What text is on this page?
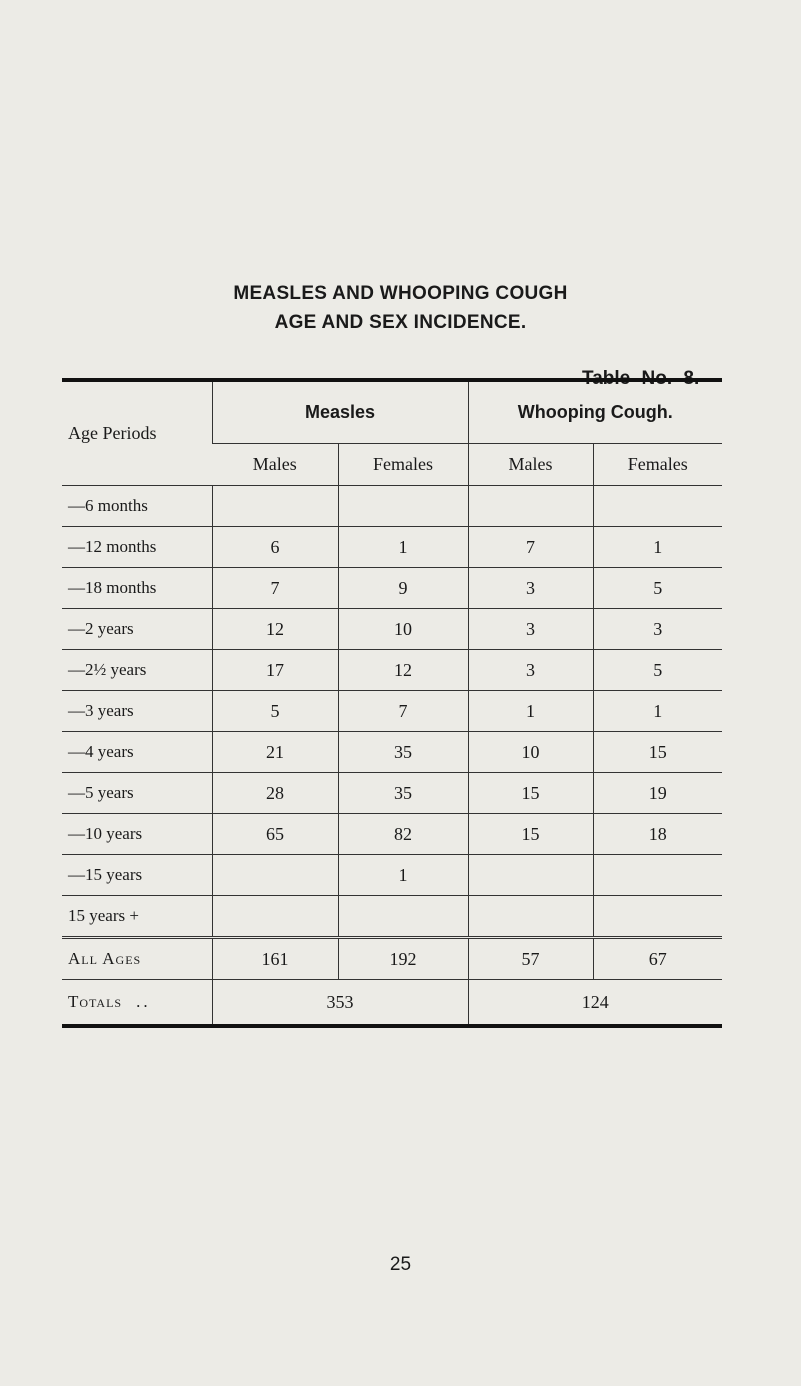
MEASLES AND WHOOPING COUGH
AGE AND SEX INCIDENCE.
Table No. 8.
Age Periods	Measles		Whooping Cough.	
	Males	Females	Males	Females
—6 months				
—12 months	6	1	7	1
—18 months	7	9	3	5
—2 years	12	10	3	3
—2½ years	17	12	3	5
—3 years	5	7	1	1
—4 years	21	35	10	15
—5 years	28	35	15	19
—10 years	65	82	15	18
—15 years		1		
15 years +				
All Ages	161	192	57	67
Totals ..	353		124	
25
